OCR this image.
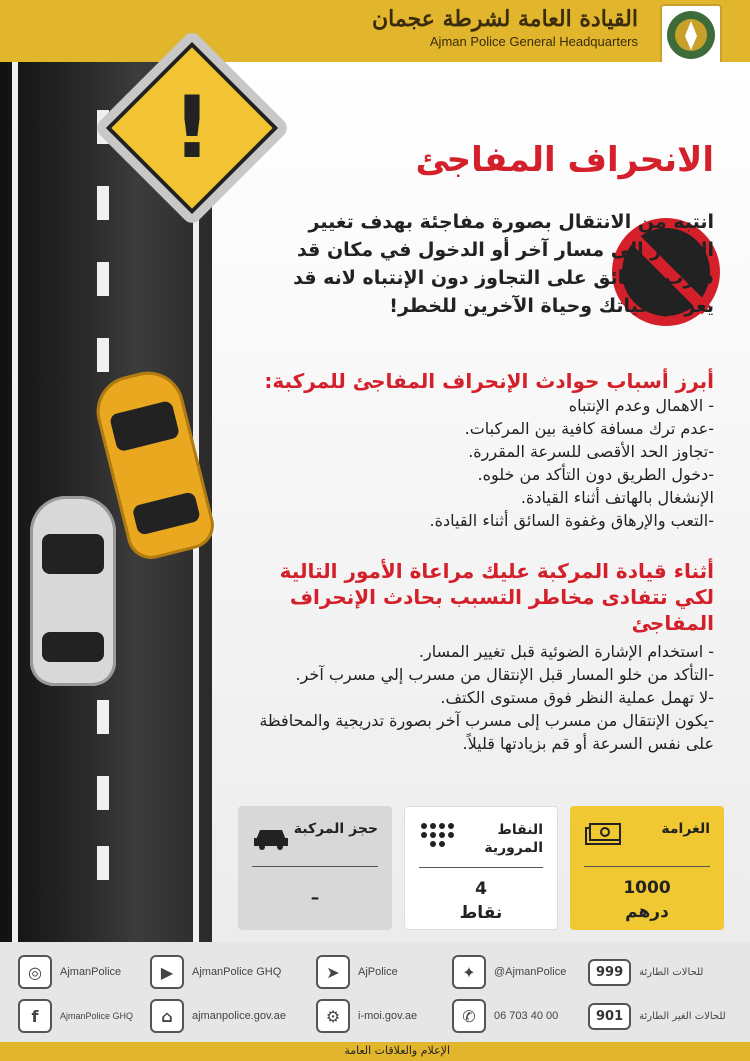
القيادة العامة لشرطة عجمان
Ajman Police General Headquarters
!	الانحراف المفاجئ
انتبه من الانتقال بصورة مفاجئة بهدف تغيير المسار إلى مسار آخر أو الدخول في مكان قد قارب السائق على التجاوز دون الإنتباه لانه قد يعرض حياتك وحياة الآخرين للخطر!
أبرز أسباب حوادث الإنحراف المفاجئ للمركبة:
- الاهمال وعدم الإنتباه
-عدم ترك مسافة كافية بين المركبات.
-تجاوز الحد الأقصى للسرعة المقررة.
-دخول الطريق دون التأكد من خلوه.
الإنشغال بالهاتف أثناء القيادة.
-التعب والإرهاق وغفوة السائق أثناء القيادة.
أثناء قيادة المركبة عليك مراعاة الأمور التالية لكي تتفادى مخاطر التسبب بحادث الإنحراف المفاجئ
- استخدام الإشارة الضوئية قبل تغيير المسار.
-التأكد من خلو المسار قبل الإنتقال من مسرب إلي مسرب آخر.
-لا تهمل عملية النظر فوق مستوى الكتف.
-يكون الإنتقال من مسرب إلى مسرب آخر بصورة تدريجية والمحافظة على نفس السرعة أو قم بزيادتها قليلاً.
الغرامة
1000
درهم
النقاط المرورية
4
نقاط
حجز المركبة
–
◎	AjmanPolice	▶	AjmanPolice GHQ	➤	AjPolice	✦	@AjmanPolice	999	للحالات الطارئة
f	AjmanPolice GHQ	⌂	ajmanpolice.gov.ae	⚙	i-moi.gov.ae	✆	06 703 40 00	901	للحالات الغير الطارئة
الإعلام والعلاقات العامة
